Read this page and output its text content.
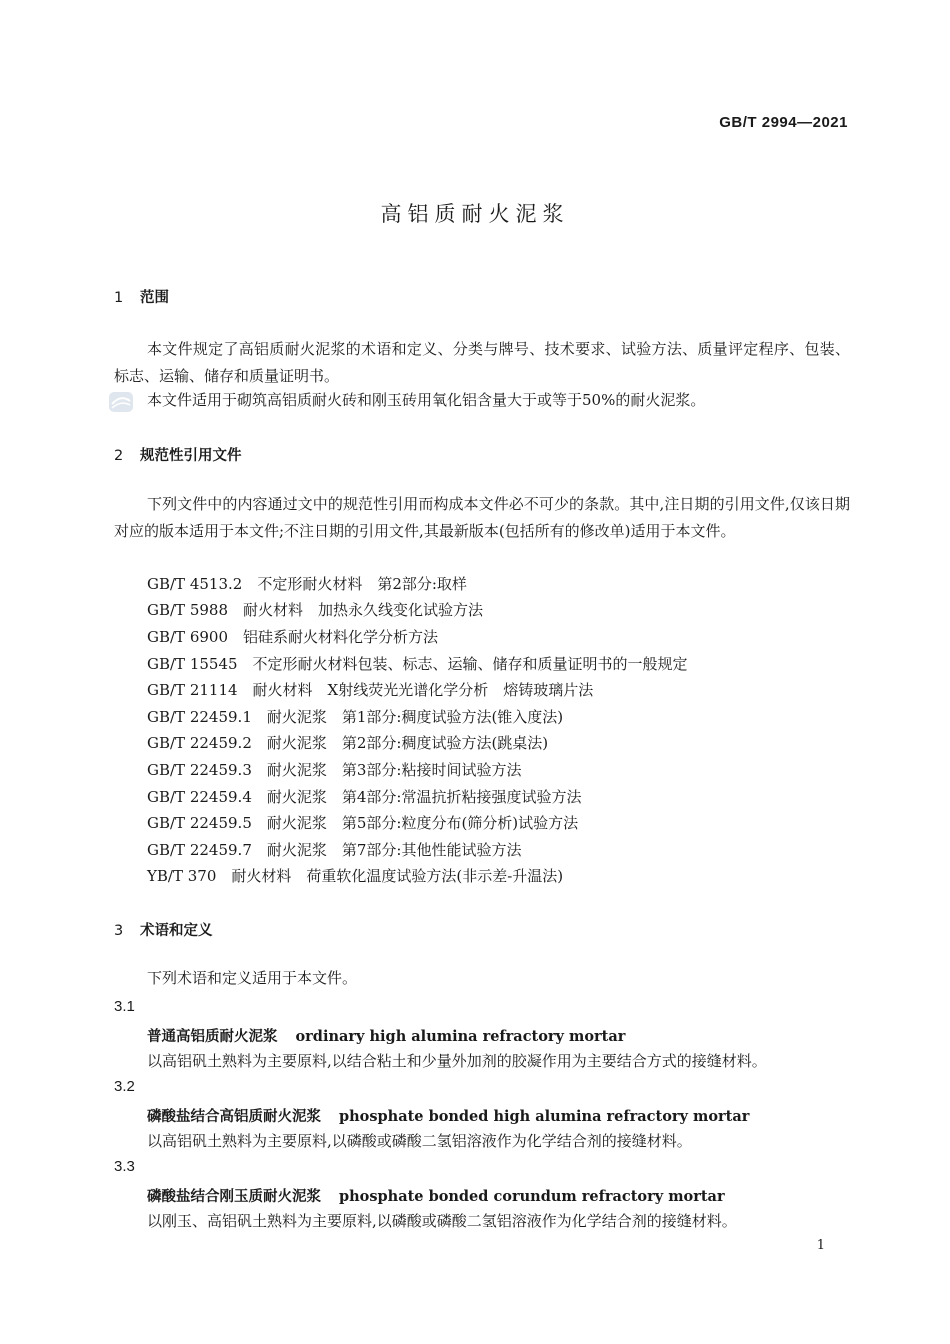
GB/T 2994—2021
高铝质耐火泥浆
1 范围
本文件规定了高铝质耐火泥浆的术语和定义、分类与牌号、技术要求、试验方法、质量评定程序、包装、标志、运输、储存和质量证明书。
本文件适用于砌筑高铝质耐火砖和刚玉砖用氧化铝含量大于或等于50%的耐火泥浆。
2 规范性引用文件
下列文件中的内容通过文中的规范性引用而构成本文件必不可少的条款。其中,注日期的引用文件,仅该日期对应的版本适用于本文件;不注日期的引用文件,其最新版本(包括所有的修改单)适用于本文件。
GB/T 4513.2　不定形耐火材料　第2部分:取样
GB/T 5988　耐火材料　加热永久线变化试验方法
GB/T 6900　铝硅系耐火材料化学分析方法
GB/T 15545　不定形耐火材料包装、标志、运输、储存和质量证明书的一般规定
GB/T 21114　耐火材料　X射线荧光光谱化学分析　熔铸玻璃片法
GB/T 22459.1　耐火泥浆　第1部分:稠度试验方法(锥入度法)
GB/T 22459.2　耐火泥浆　第2部分:稠度试验方法(跳桌法)
GB/T 22459.3　耐火泥浆　第3部分:粘接时间试验方法
GB/T 22459.4　耐火泥浆　第4部分:常温抗折粘接强度试验方法
GB/T 22459.5　耐火泥浆　第5部分:粒度分布(筛分析)试验方法
GB/T 22459.7　耐火泥浆　第7部分:其他性能试验方法
YB/T 370　耐火材料　荷重软化温度试验方法(非示差-升温法)
3 术语和定义
下列术语和定义适用于本文件。
3.1
普通高铝质耐火泥浆 ordinary high alumina refractory mortar
以高铝矾土熟料为主要原料,以结合粘土和少量外加剂的胶凝作用为主要结合方式的接缝材料。
3.2
磷酸盐结合高铝质耐火泥浆 phosphate bonded high alumina refractory mortar
以高铝矾土熟料为主要原料,以磷酸或磷酸二氢铝溶液作为化学结合剂的接缝材料。
3.3
磷酸盐结合刚玉质耐火泥浆 phosphate bonded corundum refractory mortar
以刚玉、高铝矾土熟料为主要原料,以磷酸或磷酸二氢铝溶液作为化学结合剂的接缝材料。
1
